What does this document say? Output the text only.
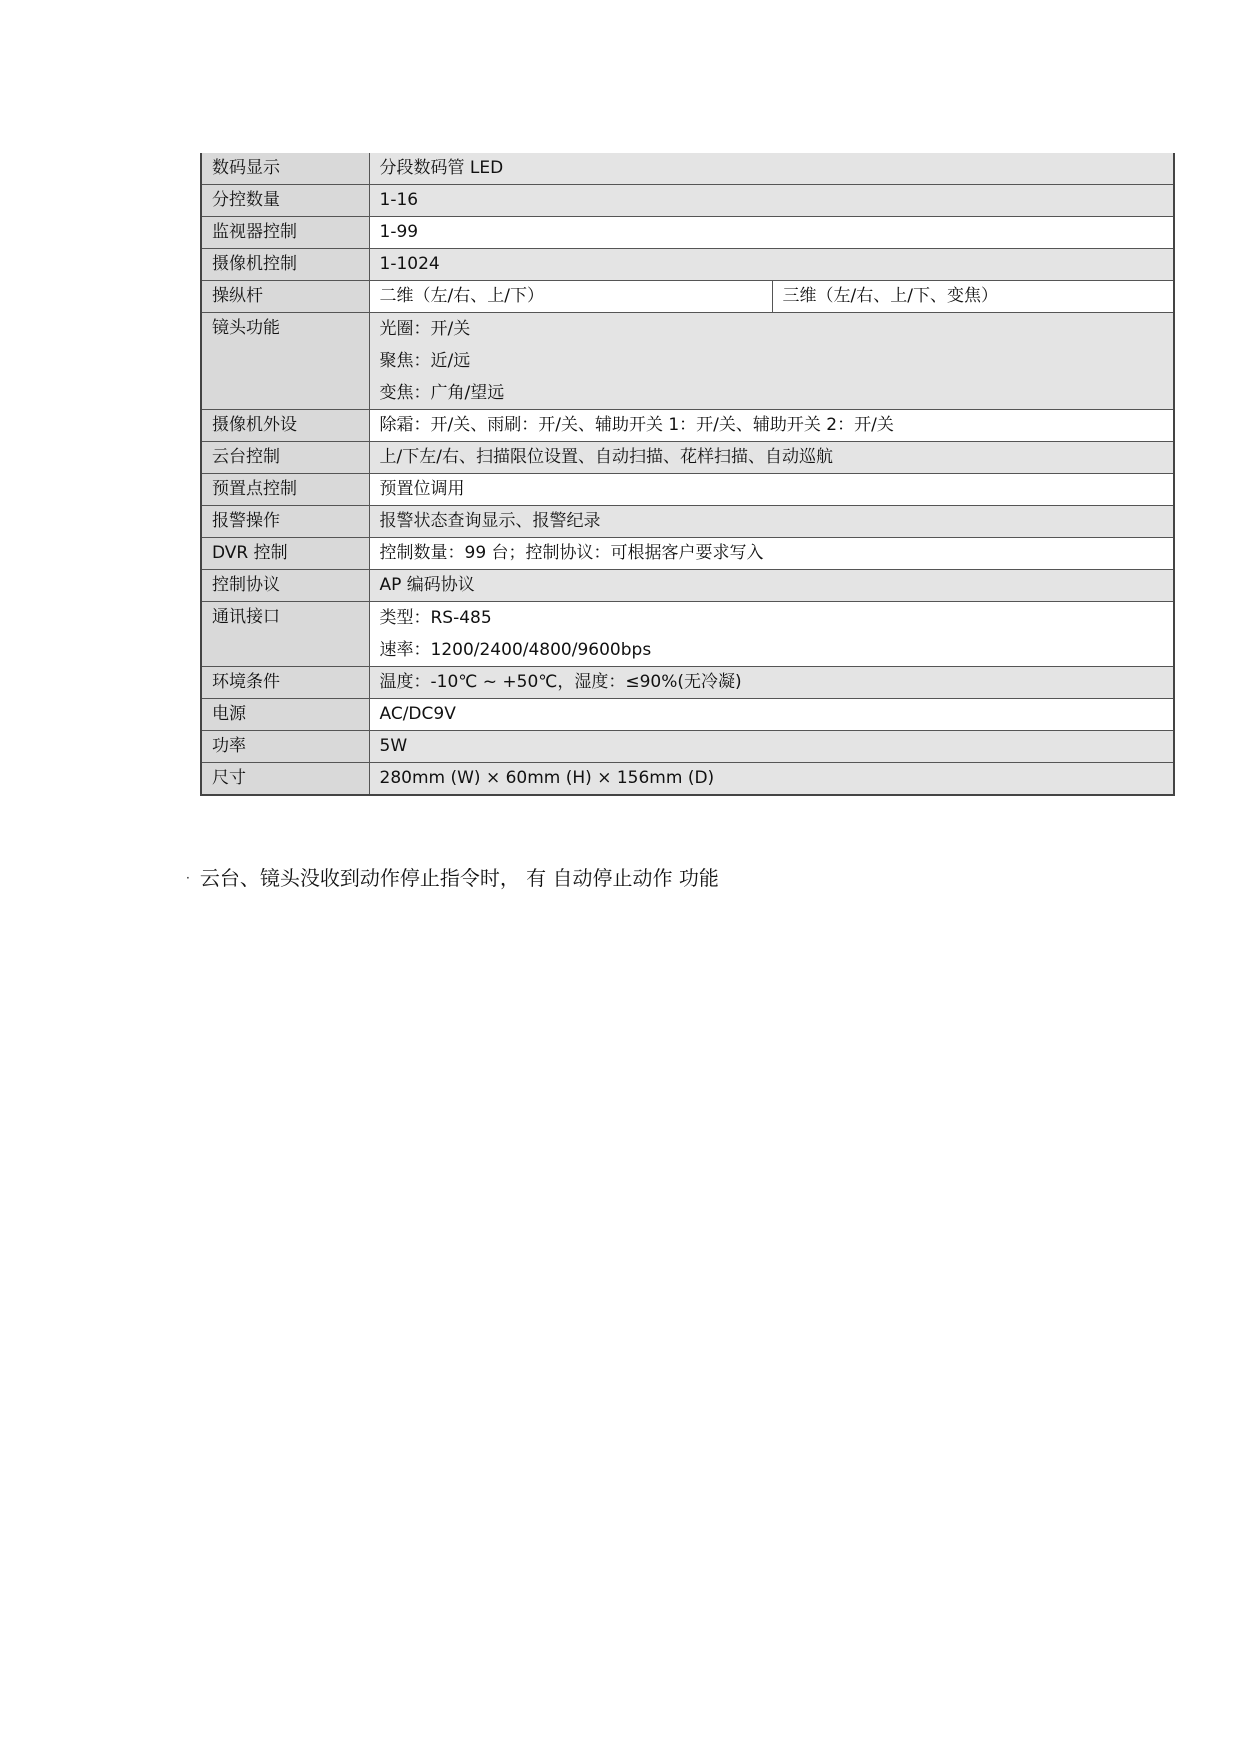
数码显示	分段数码管 LED	
分控数量	1-16	
监视器控制	1-99	
摄像机控制	1-1024	
操纵杆	二维（左/右、上/下）	三维（左/右、上/下、变焦）
镜头功能	光圈：开/关
聚焦：近/远
变焦：广角/望远	

摄像机外设	除霜：开/关、雨刷：开/关、辅助开关 1：开/关、辅助开关 2：开/关	
云台控制	上/下左/右、扫描限位设置、自动扫描、花样扫描、自动巡航	
预置点控制	预置位调用	
报警操作	报警状态查询显示、报警纪录	
DVR 控制	控制数量：99 台；控制协议：可根据客户要求写入	
控制协议	AP 编码协议	
通讯接口	类型：RS-485
速率：1200/2400/4800/9600bps	

环境条件	温度：-10℃ ~ +50℃，湿度：≤90%(无冷凝)	
电源	AC/DC9V	
功率	5W	
尺寸	280mm (W) × 60mm (H) × 156mm (D)	
· 云台、镜头没收到动作停止指令时， 有 自动停止动作 功能
